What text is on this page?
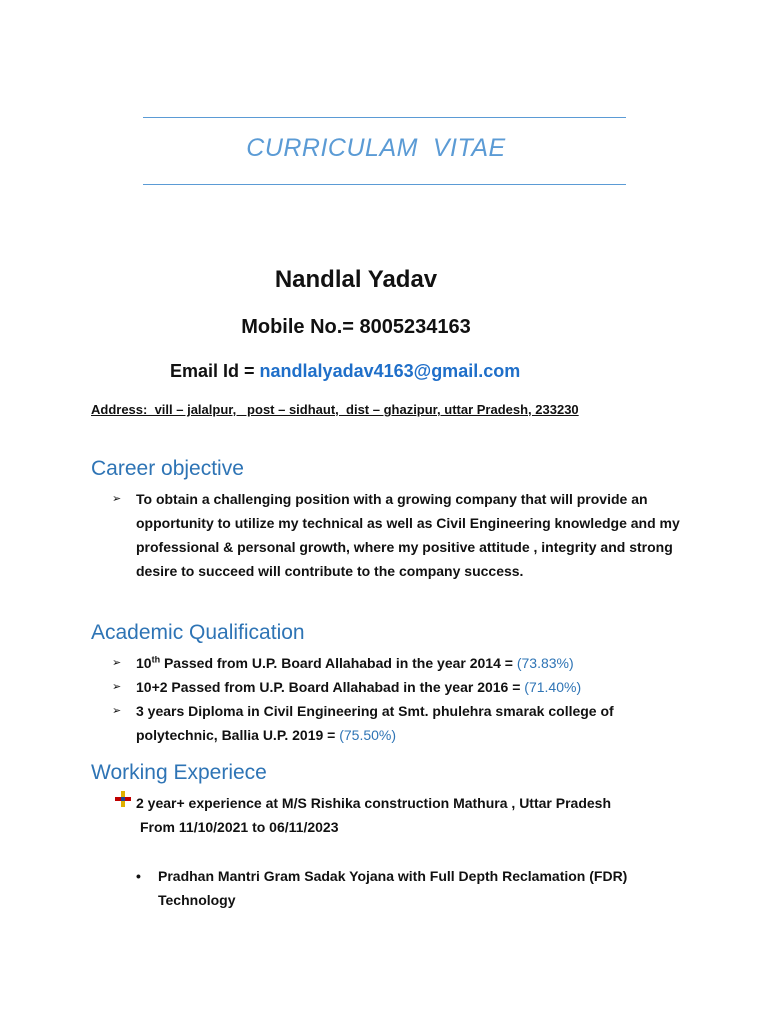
CURRICULAM  VITAE
Nandlal Yadav
Mobile No.= 8005234163
Email Id = nandlalyadav4163@gmail.com
Address:  vill – jalalpur,   post – sidhaut,  dist – ghazipur, uttar Pradesh, 233230
Career objective
➢	To obtain a challenging position with a growing company that will provide an opportunity to utilize my technical as well as Civil Engineering knowledge and my professional & personal growth, where my positive attitude , integrity and strong desire to succeed will contribute to the company success.
Academic Qualification
➢	10th Passed from U.P. Board Allahabad in the year 2014 = (73.83%)
➢	10+2 Passed from U.P. Board Allahabad in the year 2016 = (71.40%)
➢	3 years Diploma in Civil Engineering at Smt. phulehra smarak college of polytechnic, Ballia U.P. 2019 = (75.50%)
Working Experiece
2 year+ experience at M/S Rishika construction Mathura , Uttar Pradesh
From 11/10/2021 to 06/11/2023
• Pradhan Mantri Gram Sadak Yojana with Full Depth Reclamation (FDR) Technology
